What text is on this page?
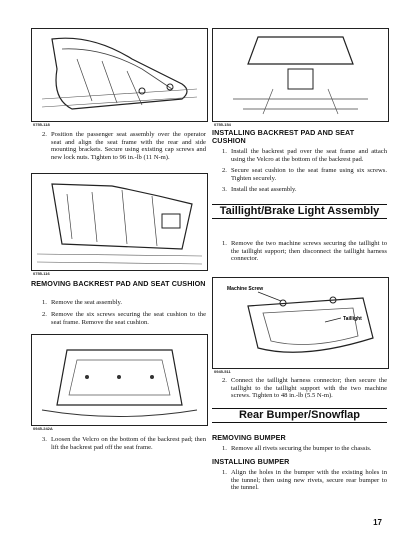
0755-118
2. Position the passenger seat assembly over the operator seat and align the seat frame with the rear and side mounting brackets. Secure using existing cap screws and new lock nuts. Tighten to 96 in.-lb (11 N-m).
0755-116
REMOVING BACKREST PAD AND SEAT CUSHION
1. Remove the seat assembly.
2. Remove the six screws securing the seat cushion to the seat frame. Remove the seat cushion.
0945-242A
3. Loosen the Velcro on the bottom of the backrest pad; then lift the backrest pad off the seat frame.
0755-154
INSTALLING BACKREST PAD AND SEAT CUSHION
1. Install the backrest pad over the seat frame and attach using the Velcro at the bottom of the backrest pad.
2. Secure seat cushion to the seat frame using six screws. Tighten securely.
3. Install the seat assembly.
Taillight/Brake Light Assembly
1. Remove the two machine screws securing the taillight to the taillight support; then disconnect the taillight harness connector.
Machine Screw
Taillight
0945-511
2. Connect the taillight harness connector; then secure the taillight to the taillight support with the two machine screws. Tighten to 48 in.-lb (5.5 N-m).
Rear Bumper/Snowflap
REMOVING BUMPER
1. Remove all rivets securing the bumper to the chassis.
INSTALLING BUMPER
1. Align the holes in the bumper with the existing holes in the tunnel; then using new rivets, secure rear bumper to the tunnel.
17
